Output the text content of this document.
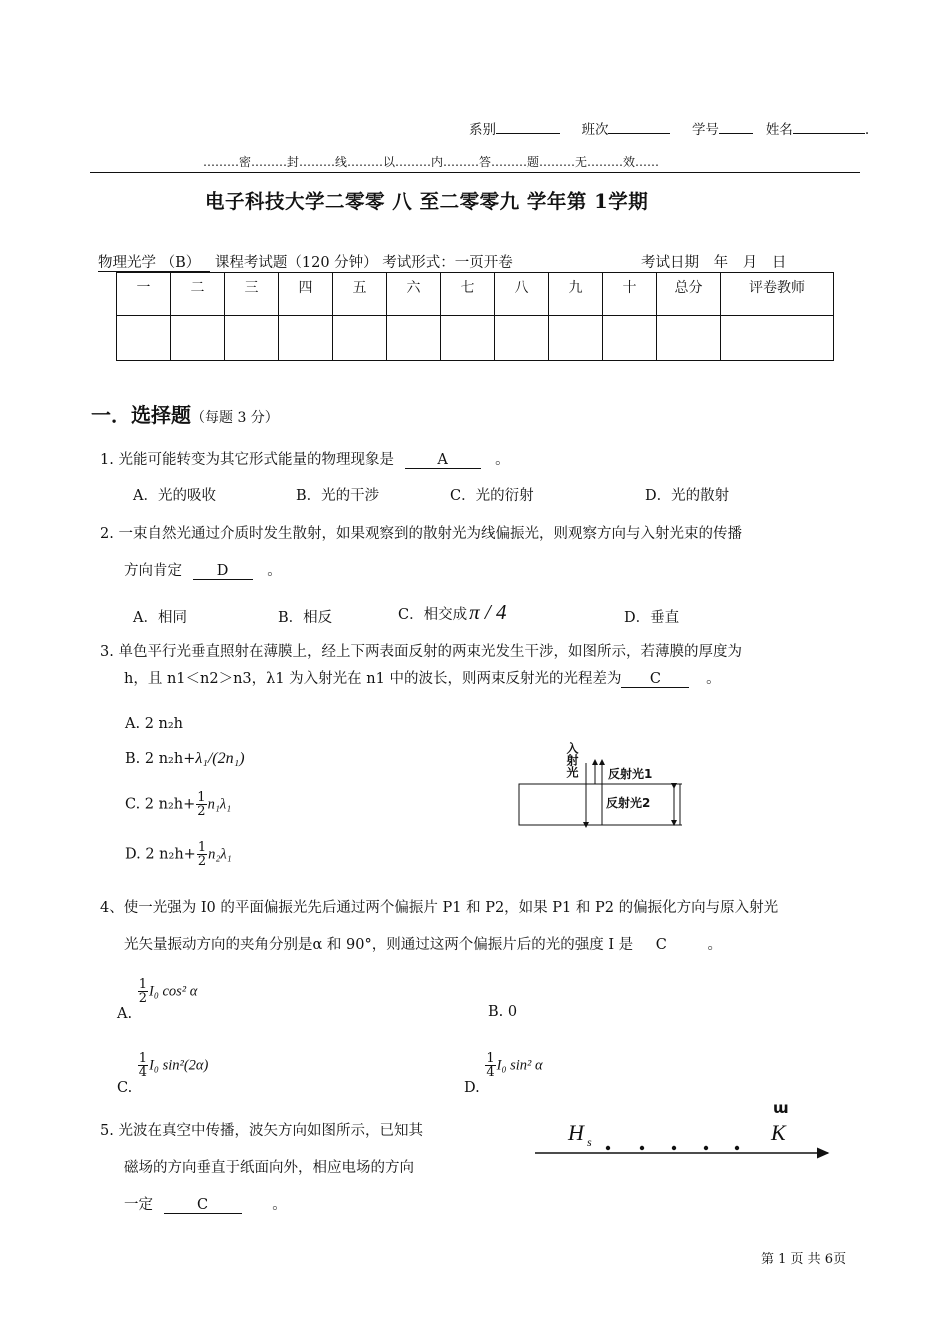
系别	班次	学号	姓名	.
………密………封………线………以………内………答………题………无………效……
电子科技大学二零零 八 至二零零九 学年第 1学期
物理光学 （B） 课程考试题（120 分钟） 考试形式：一页开卷	考试日期 年 月 日
一	二	三	四	五	六	七	八	九	十	总分	评卷教师

一．选择题（每题 3 分）
1. 光能可能转变为其它形式能量的物理现象是	A	。
A．光的吸收	B．光的干涉	C．光的衍射	D．光的散射
2. 一束自然光通过介质时发生散射，如果观察到的散射光为线偏振光，则观察方向与入射光束的传播
方向肯定 D	。
A．相同	B．相反	C．相交成π / 4	D．垂直
3. 单色平行光垂直照射在薄膜上，经上下两表面反射的两束光发生干涉，如图所示，若薄膜的厚度为
h，且 n1＜n2＞n3，λ1 为入射光在 n1 中的波长，则两束反射光的光程差为 C	。
A. 2 n₂h
B. 2 n₂h+λ₁/(2n₁)
C. 2 $n_2h+ \frac{1}{2} n_1\lambda_1$
D. 2 $n_2h+ \frac{1}{2} n_2\lambda_1$
入射光 反射光1
反射光2
4、使一光强为 I0 的平面偏振光先后通过两个偏振片 P1 和 P2，如果 P1 和 P2 的偏振化方向与原入射光
光矢量振动方向的夹角分别是α 和 90°，则通过这两个偏振片后的光的强度 I 是 C	。
A.
$\frac{1}{2} I_0$ cos² α
B. 0
C.
$\frac{1}{4} I_0$ sin²(2α)
D.
$\frac{1}{4} I_0$ sin² α
5. 光波在真空中传播，波矢方向如图所示，已知其
磁场的方向垂直于纸面向外，相应电场的方向
一定	C	。
H s	K
ɯ
第 1 页 共 6页
